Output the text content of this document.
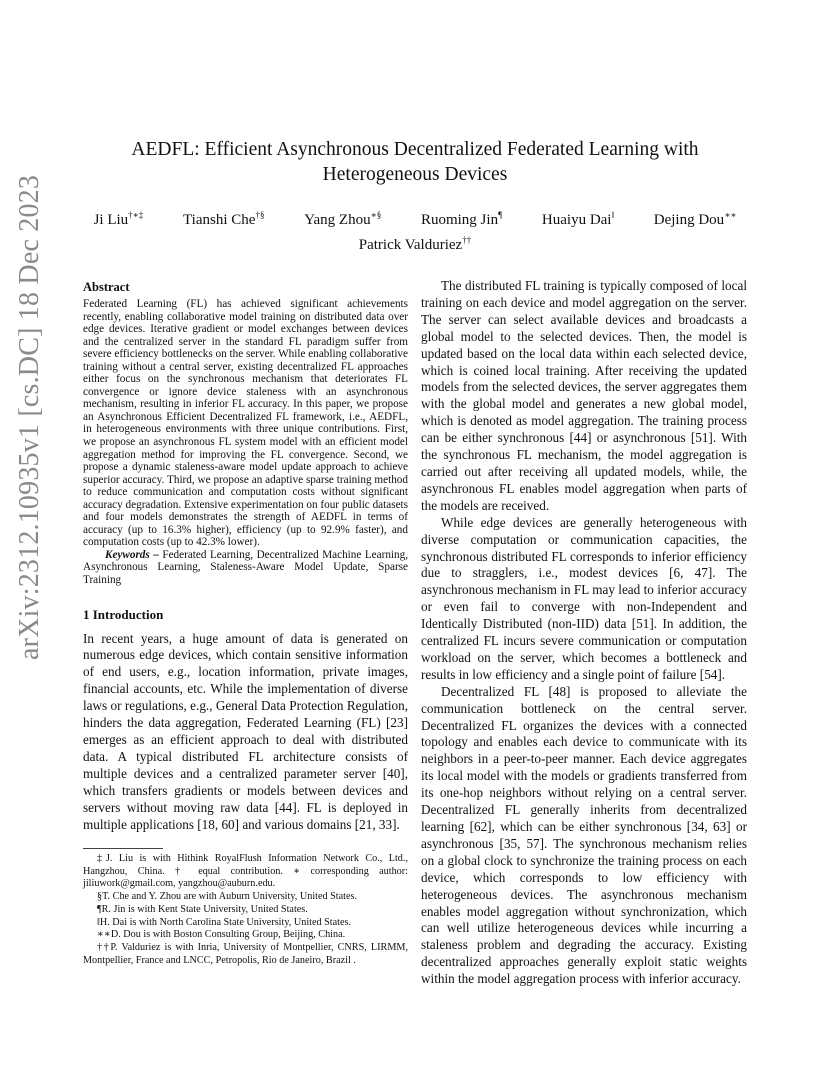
arXiv:2312.10935v1 [cs.DC] 18 Dec 2023
AEDFL: Efficient Asynchronous Decentralized Federated Learning with Heterogeneous Devices
Ji Liu†∗‡	Tianshi Che†§	Yang Zhou∗§	Ruoming Jin¶	Huaiyu Dai‖	Dejing Dou∗∗
Patrick Valduriez††
Abstract

Federated Learning (FL) has achieved significant achievements recently, enabling collaborative model training on distributed data over edge devices. Iterative gradient or model exchanges between devices and the centralized server in the standard FL paradigm suffer from severe efficiency bottlenecks on the server. While enabling collaborative training without a central server, existing decentralized FL approaches either focus on the synchronous mechanism that deteriorates FL convergence or ignore device staleness with an asynchronous mechanism, resulting in inferior FL accuracy. In this paper, we propose an Asynchronous Efficient Decentralized FL framework, i.e., AEDFL, in heterogeneous environments with three unique contributions. First, we propose an asynchronous FL system model with an efficient model aggregation method for improving the FL convergence. Second, we propose a dynamic staleness-aware model update approach to achieve superior accuracy. Third, we propose an adaptive sparse training method to reduce communication and computation costs without significant accuracy degradation. Extensive experimentation on four public datasets and four models demonstrates the strength of AEDFL in terms of accuracy (up to 16.3% higher), efficiency (up to 92.9% faster), and computation costs (up to 42.3% lower).

Keywords – Federated Learning, Decentralized Machine Learning, Asynchronous Learning, Staleness-Aware Model Update, Sparse Training

1 Introduction

In recent years, a huge amount of data is generated on numerous edge devices, which contain sensitive information of end users, e.g., location information, private images, financial accounts, etc. While the implementation of diverse laws or regulations, e.g., General Data Protection Regulation, hinders the data aggregation, Federated Learning (FL) [23] emerges as an efficient approach to deal with distributed data. A typical distributed FL architecture consists of multiple devices and a centralized parameter server [40], which transfers gradients or models between devices and servers without moving raw data [44]. FL is deployed in multiple applications [18, 60] and various domains [21, 33].

The distributed FL training is typically composed of local training on each device and model aggregation on the server. The server can select available devices and broadcasts a global model to the selected devices. Then, the model is updated based on the local data within each selected device, which is coined local training. After receiving the updated models from the selected devices, the server aggregates them with the global model and generates a new global model, which is denoted as model aggregation. The training process can be either synchronous [44] or asynchronous [51]. With the synchronous FL mechanism, the model aggregation is carried out after receiving all updated models, while, the asynchronous FL enables model aggregation when parts of the models are received.

While edge devices are generally heterogeneous with diverse computation or communication capacities, the synchronous distributed FL corresponds to inferior efficiency due to stragglers, i.e., modest devices [6, 47]. The asynchronous mechanism in FL may lead to inferior accuracy or even fail to converge with non-Independent and Identically Distributed (non-IID) data [51]. In addition, the centralized FL incurs severe communication or computation workload on the server, which becomes a bottleneck and results in low efficiency and a single point of failure [54].

Decentralized FL [48] is proposed to alleviate the communication bottleneck on the central server. Decentralized FL organizes the devices with a connected topology and enables each device to communicate with its neighbors in a peer-to-peer manner. Each device aggregates its local model with the models or gradients transferred from its one-hop neighbors without relying on a central server. Decentralized FL generally inherits from decentralized learning [62], which can be either synchronous [34, 63] or asynchronous [35, 57]. The synchronous mechanism relies on a global clock to synchronize the training process on each device, which corresponds to low efficiency with heterogeneous devices. The asynchronous mechanism enables model aggregation without synchronization, which can well utilize heterogeneous devices while incurring a staleness problem and degrading the accuracy. Existing decentralized approaches generally exploit static weights within the model aggregation process with inferior accuracy.

‡J. Liu is with Hithink RoyalFlush Information Network Co., Ltd., Hangzhou, China. † equal contribution. ∗ corresponding author: jiliuwork@gmail.com, yangzhou@auburn.edu.

§T. Che and Y. Zhou are with Auburn University, United States.

¶R. Jin is with Kent State University, United States.

‖H. Dai is with North Carolina State University, United States.

∗∗D. Dou is with Boston Consulting Group, Beijing, China.

††P. Valduriez is with Inria, University of Montpellier, CNRS, LIRMM, Montpellier, France and LNCC, Petropolis, Rio de Janeiro, Brazil .
